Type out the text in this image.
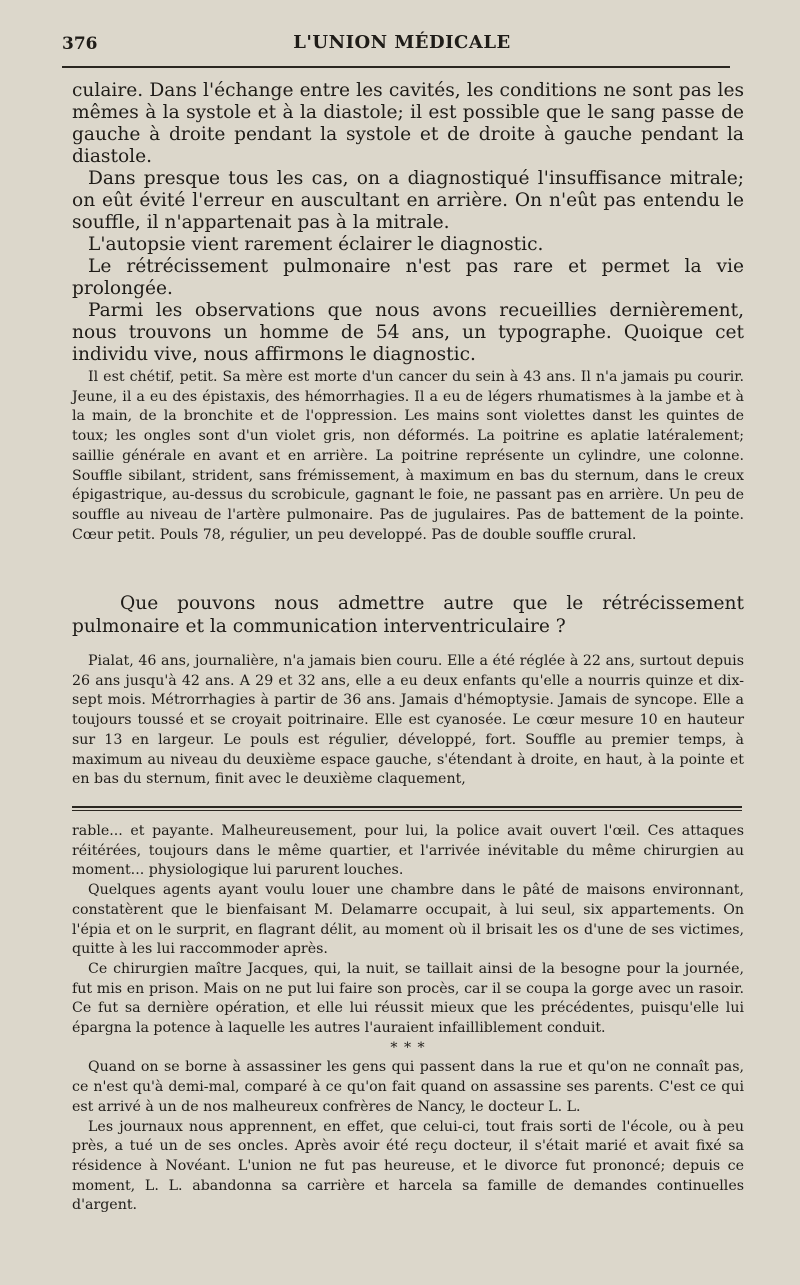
376	L'UNION MÉDICALE

culaire. Dans l'échange entre les cavités, les conditions ne sont pas les mêmes à la systole et à la diastole; il est possible que le sang passe de gauche à droite pendant la systole et de droite à gauche pendant la diastole.

Dans presque tous les cas, on a diagnostiqué l'insuffisance mitrale; on eût évité l'erreur en auscultant en arrière. On n'eût pas entendu le souffle, il n'appartenait pas à la mitrale.

L'autopsie vient rarement éclairer le diagnostic.

Le rétrécissement pulmonaire n'est pas rare et permet la vie prolongée.

Parmi les observations que nous avons recueillies dernièrement, nous trouvons un homme de 54 ans, un typographe. Quoique cet individu vive, nous affirmons le diagnostic.

Il est chétif, petit. Sa mère est morte d'un cancer du sein à 43 ans. Il n'a jamais pu courir. Jeune, il a eu des épistaxis, des hémorrhagies. Il a eu de légers rhumatismes à la jambe et à la main, de la bronchite et de l'oppression. Les mains sont violettes danst les quintes de toux; les ongles sont d'un violet gris, non déformés. La poitrine es aplatie latéralement; saillie générale en avant et en arrière. La poitrine représente un cylindre, une colonne. Souffle sibilant, strident, sans frémissement, à maximum en bas du sternum, dans le creux épigastrique, au-dessus du scrobicule, gagnant le foie, ne passant pas en arrière. Un peu de souffle au niveau de l'artère pulmonaire. Pas de jugulaires. Pas de battement de la pointe. Cœur petit. Pouls 78, régulier, un peu developpé. Pas de double souffle crural.

Que pouvons nous admettre autre que le rétrécissement pulmonaire et la communication interventriculaire ?

Pialat, 46 ans, journalière, n'a jamais bien couru. Elle a été réglée à 22 ans, surtout depuis 26 ans jusqu'à 42 ans. A 29 et 32 ans, elle a eu deux enfants qu'elle a nourris quinze et dix-sept mois. Métrorrhagies à partir de 36 ans. Jamais d'hémoptysie. Jamais de syncope. Elle a toujours toussé et se croyait poitrinaire. Elle est cyanosée. Le cœur mesure 10 en hauteur sur 13 en largeur. Le pouls est régulier, développé, fort. Souffle au premier temps, à maximum au niveau du deuxième espace gauche, s'étendant à droite, en haut, à la pointe et en bas du sternum, finit avec le deuxième claquement,

rable... et payante. Malheureusement, pour lui, la police avait ouvert l'œil. Ces attaques réitérées, toujours dans le même quartier, et l'arrivée inévitable du même chirurgien au moment... physiologique lui parurent louches.

Quelques agents ayant voulu louer une chambre dans le pâté de maisons environnant, constatèrent que le bienfaisant M. Delamarre occupait, à lui seul, six appartements. On l'épia et on le surprit, en flagrant délit, au moment où il brisait les os d'une de ses victimes, quitte à les lui raccommoder après.

Ce chirurgien maître Jacques, qui, la nuit, se taillait ainsi de la besogne pour la journée, fut mis en prison. Mais on ne put lui faire son procès, car il se coupa la gorge avec un rasoir. Ce fut sa dernière opération, et elle lui réussit mieux que les précédentes, puisqu'elle lui épargna la potence à laquelle les autres l'auraient infailliblement conduit.

* * *

Quand on se borne à assassiner les gens qui passent dans la rue et qu'on ne connaît pas, ce n'est qu'à demi-mal, comparé à ce qu'on fait quand on assassine ses parents. C'est ce qui est arrivé à un de nos malheureux confrères de Nancy, le docteur L. L.

Les journaux nous apprennent, en effet, que celui-ci, tout frais sorti de l'école, ou à peu près, a tué un de ses oncles. Après avoir été reçu docteur, il s'était marié et avait fixé sa résidence à Novéant. L'union ne fut pas heureuse, et le divorce fut prononcé; depuis ce moment, L. L. abandonna sa carrière et harcela sa famille de demandes continuelles d'argent.
